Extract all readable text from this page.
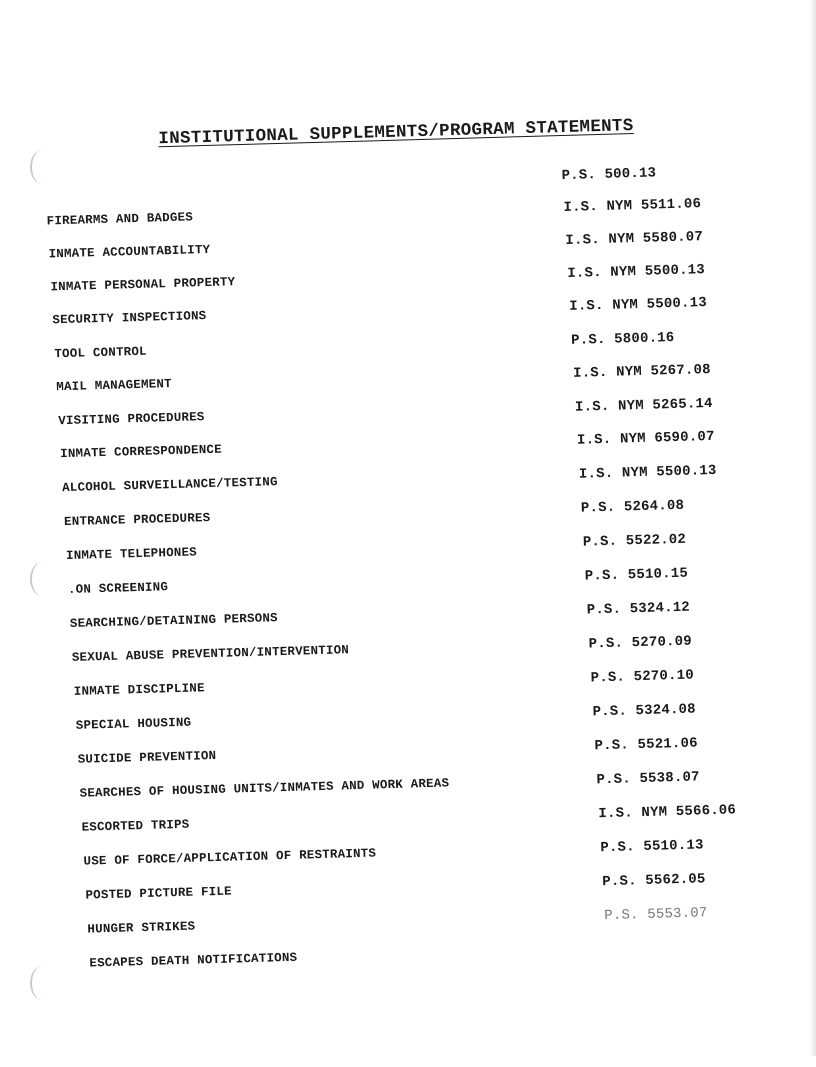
INSTITUTIONAL SUPPLEMENTS/PROGRAM STATEMENTS
P.S. 500.13
FIREARMS AND BADGES
I.S. NYM 5511.06
INMATE ACCOUNTABILITY
I.S. NYM 5580.07
INMATE PERSONAL PROPERTY
I.S. NYM 5500.13
SECURITY INSPECTIONS
I.S. NYM 5500.13
TOOL CONTROL
P.S. 5800.16
MAIL MANAGEMENT
I.S. NYM 5267.08
VISITING PROCEDURES
I.S. NYM 5265.14
INMATE CORRESPONDENCE
I.S. NYM 6590.07
ALCOHOL SURVEILLANCE/TESTING
I.S. NYM 5500.13
ENTRANCE PROCEDURES
P.S. 5264.08
INMATE TELEPHONES
P.S. 5522.02
.ON SCREENING
P.S. 5510.15
SEARCHING/DETAINING PERSONS
P.S. 5324.12
SEXUAL ABUSE PREVENTION/INTERVENTION
P.S. 5270.09
INMATE DISCIPLINE
P.S. 5270.10
SPECIAL HOUSING
P.S. 5324.08
SUICIDE PREVENTION
P.S. 5521.06
SEARCHES OF HOUSING UNITS/INMATES AND WORK AREAS	P.S. 5538.07
ESCORTED TRIPS
I.S. NYM 5566.06
USE OF FORCE/APPLICATION OF RESTRAINTS	P.S. 5510.13
POSTED PICTURE FILE
P.S. 5562.05
HUNGER STRIKES
P.S. 5553.07
ESCAPES DEATH NOTIFICATIONS
